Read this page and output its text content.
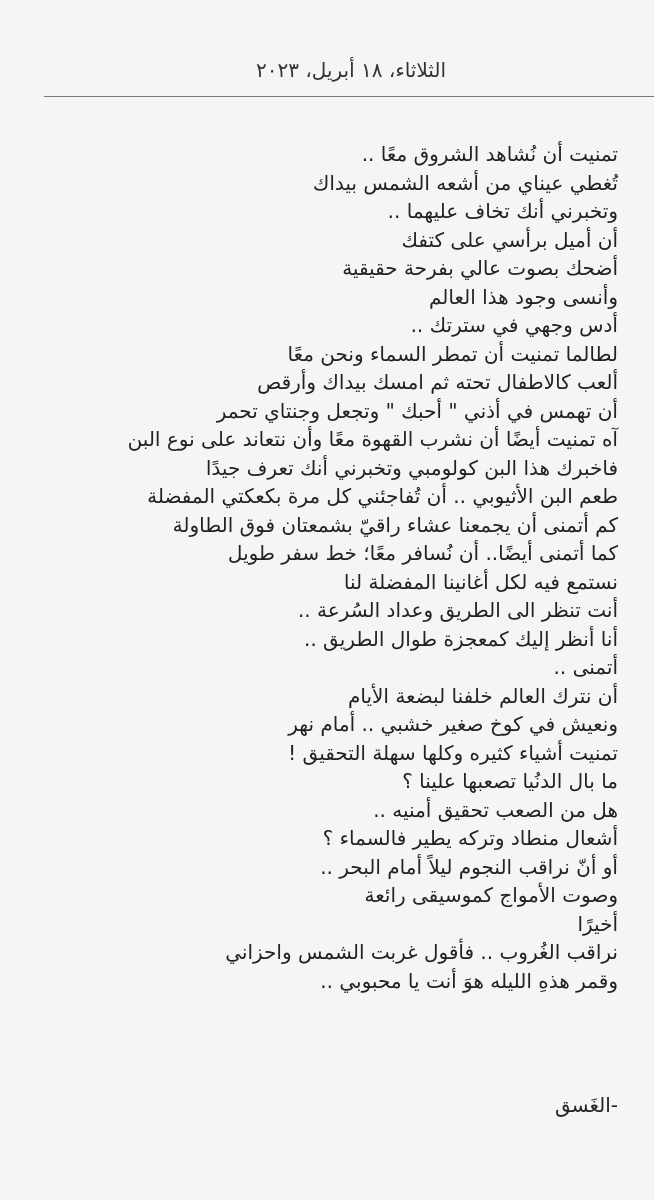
الثلاثاء، ١٨ أبريل، ٢٠٢٣
تمنيت أن نُشاهد الشروق معًا ..
تُغطي عيناي من أشعه الشمس بيداك
وتخبرني أنك تخاف عليهما ..
أن أميل برأسي على كتفك
أضحك بصوت عالي بفرحة حقيقية
وأنسى وجود هذا العالم
أدس وجهي في سترتك ..
لطالما تمنيت أن تمطر السماء ونحن معًا
ألعب كالاطفال تحته ثم امسك بيداك وأرقص
أن تهمس في أذني " أحبك " وتجعل وجنتاي تحمر
آه تمنيت أيضًا أن نشرب القهوة معًا وأن نتعاند على نوع البن
فاخبرك هذا البن كولومبي وتخبرني أنك تعرف جيدًا
طعم البن الأثيوبي .. أن تُفاجئني كل مرة بكعكتي المفضلة
كم أتمنى أن يجمعنا عشاء راقيّ بشمعتان فوق الطاولة
كما أتمنى أيضًا.. أن نُسافر معًا؛ خط سفر طويل
نستمع فيه لكل أغانينا المفضلة لنا
أنت تنظر الى الطريق وعداد السُرعة ..
أنا أنظر إليك كمعجزة طوال الطريق ..
أتمنى ..
أن نترك العالم خلفنا لبضعة الأيام
ونعيش في كوخ صغير خشبي .. أمام نهر
تمنيت أشياء كثيره وكلها سهلة التحقيق !
ما بال الدنُيا تصعبها علينا ؟
هل من الصعب تحقيق أمنيه ..
أشعال منطاد وتركه يطير فالسماء ؟
أو أنّ نراقب النجوم ليلاً أمام البحر ..
وصوت الأمواج كموسيقى رائعة
أخيرًا
نراقب الغُروب .. فأقول غربت الشمس واحزاني
وقمر هذهِ الليله هوَ أنت يا محبوبي ..
-الغَسق
